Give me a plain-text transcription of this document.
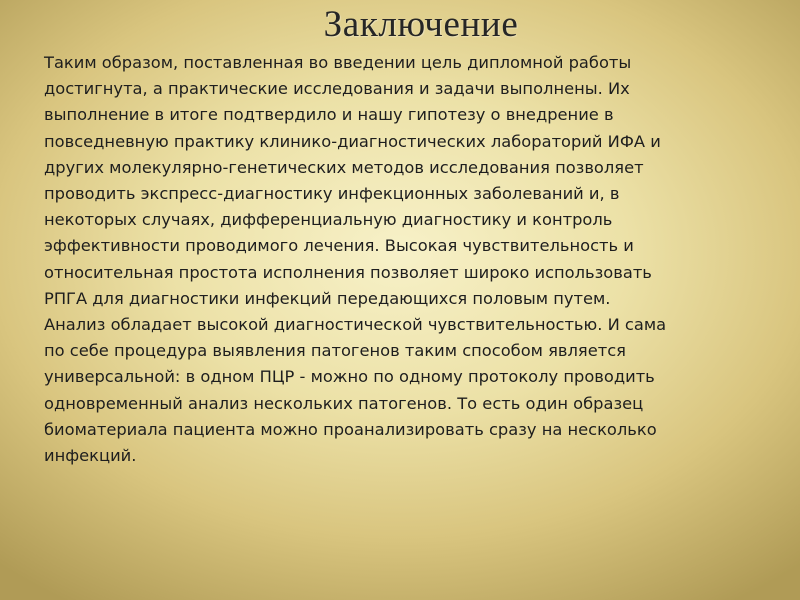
Заключение

Таким образом, поставленная во введении цель дипломной работы
достигнута, а практические исследования и задачи выполнены. Их
выполнение в итоге подтвердило и нашу гипотезу о внедрение в
повседневную практику клинико-диагностических лабораторий ИФА и
других молекулярно-генетических методов исследования позволяет
проводить экспресс-диагностику инфекционных заболеваний и, в
некоторых случаях, дифференциальную диагностику и контроль
эффективности проводимого лечения. Высокая чувствительность и
относительная простота исполнения позволяет широко использовать
РПГА для диагностики инфекций передающихся половым путем.
Анализ обладает высокой диагностической чувствительностью. И сама
по себе процедура выявления патогенов таким способом является
универсальной: в одном ПЦР - можно по одному протоколу проводить
одновременный анализ нескольких патогенов. То есть один образец
биоматериала пациента можно проанализировать сразу на несколько
инфекций.
